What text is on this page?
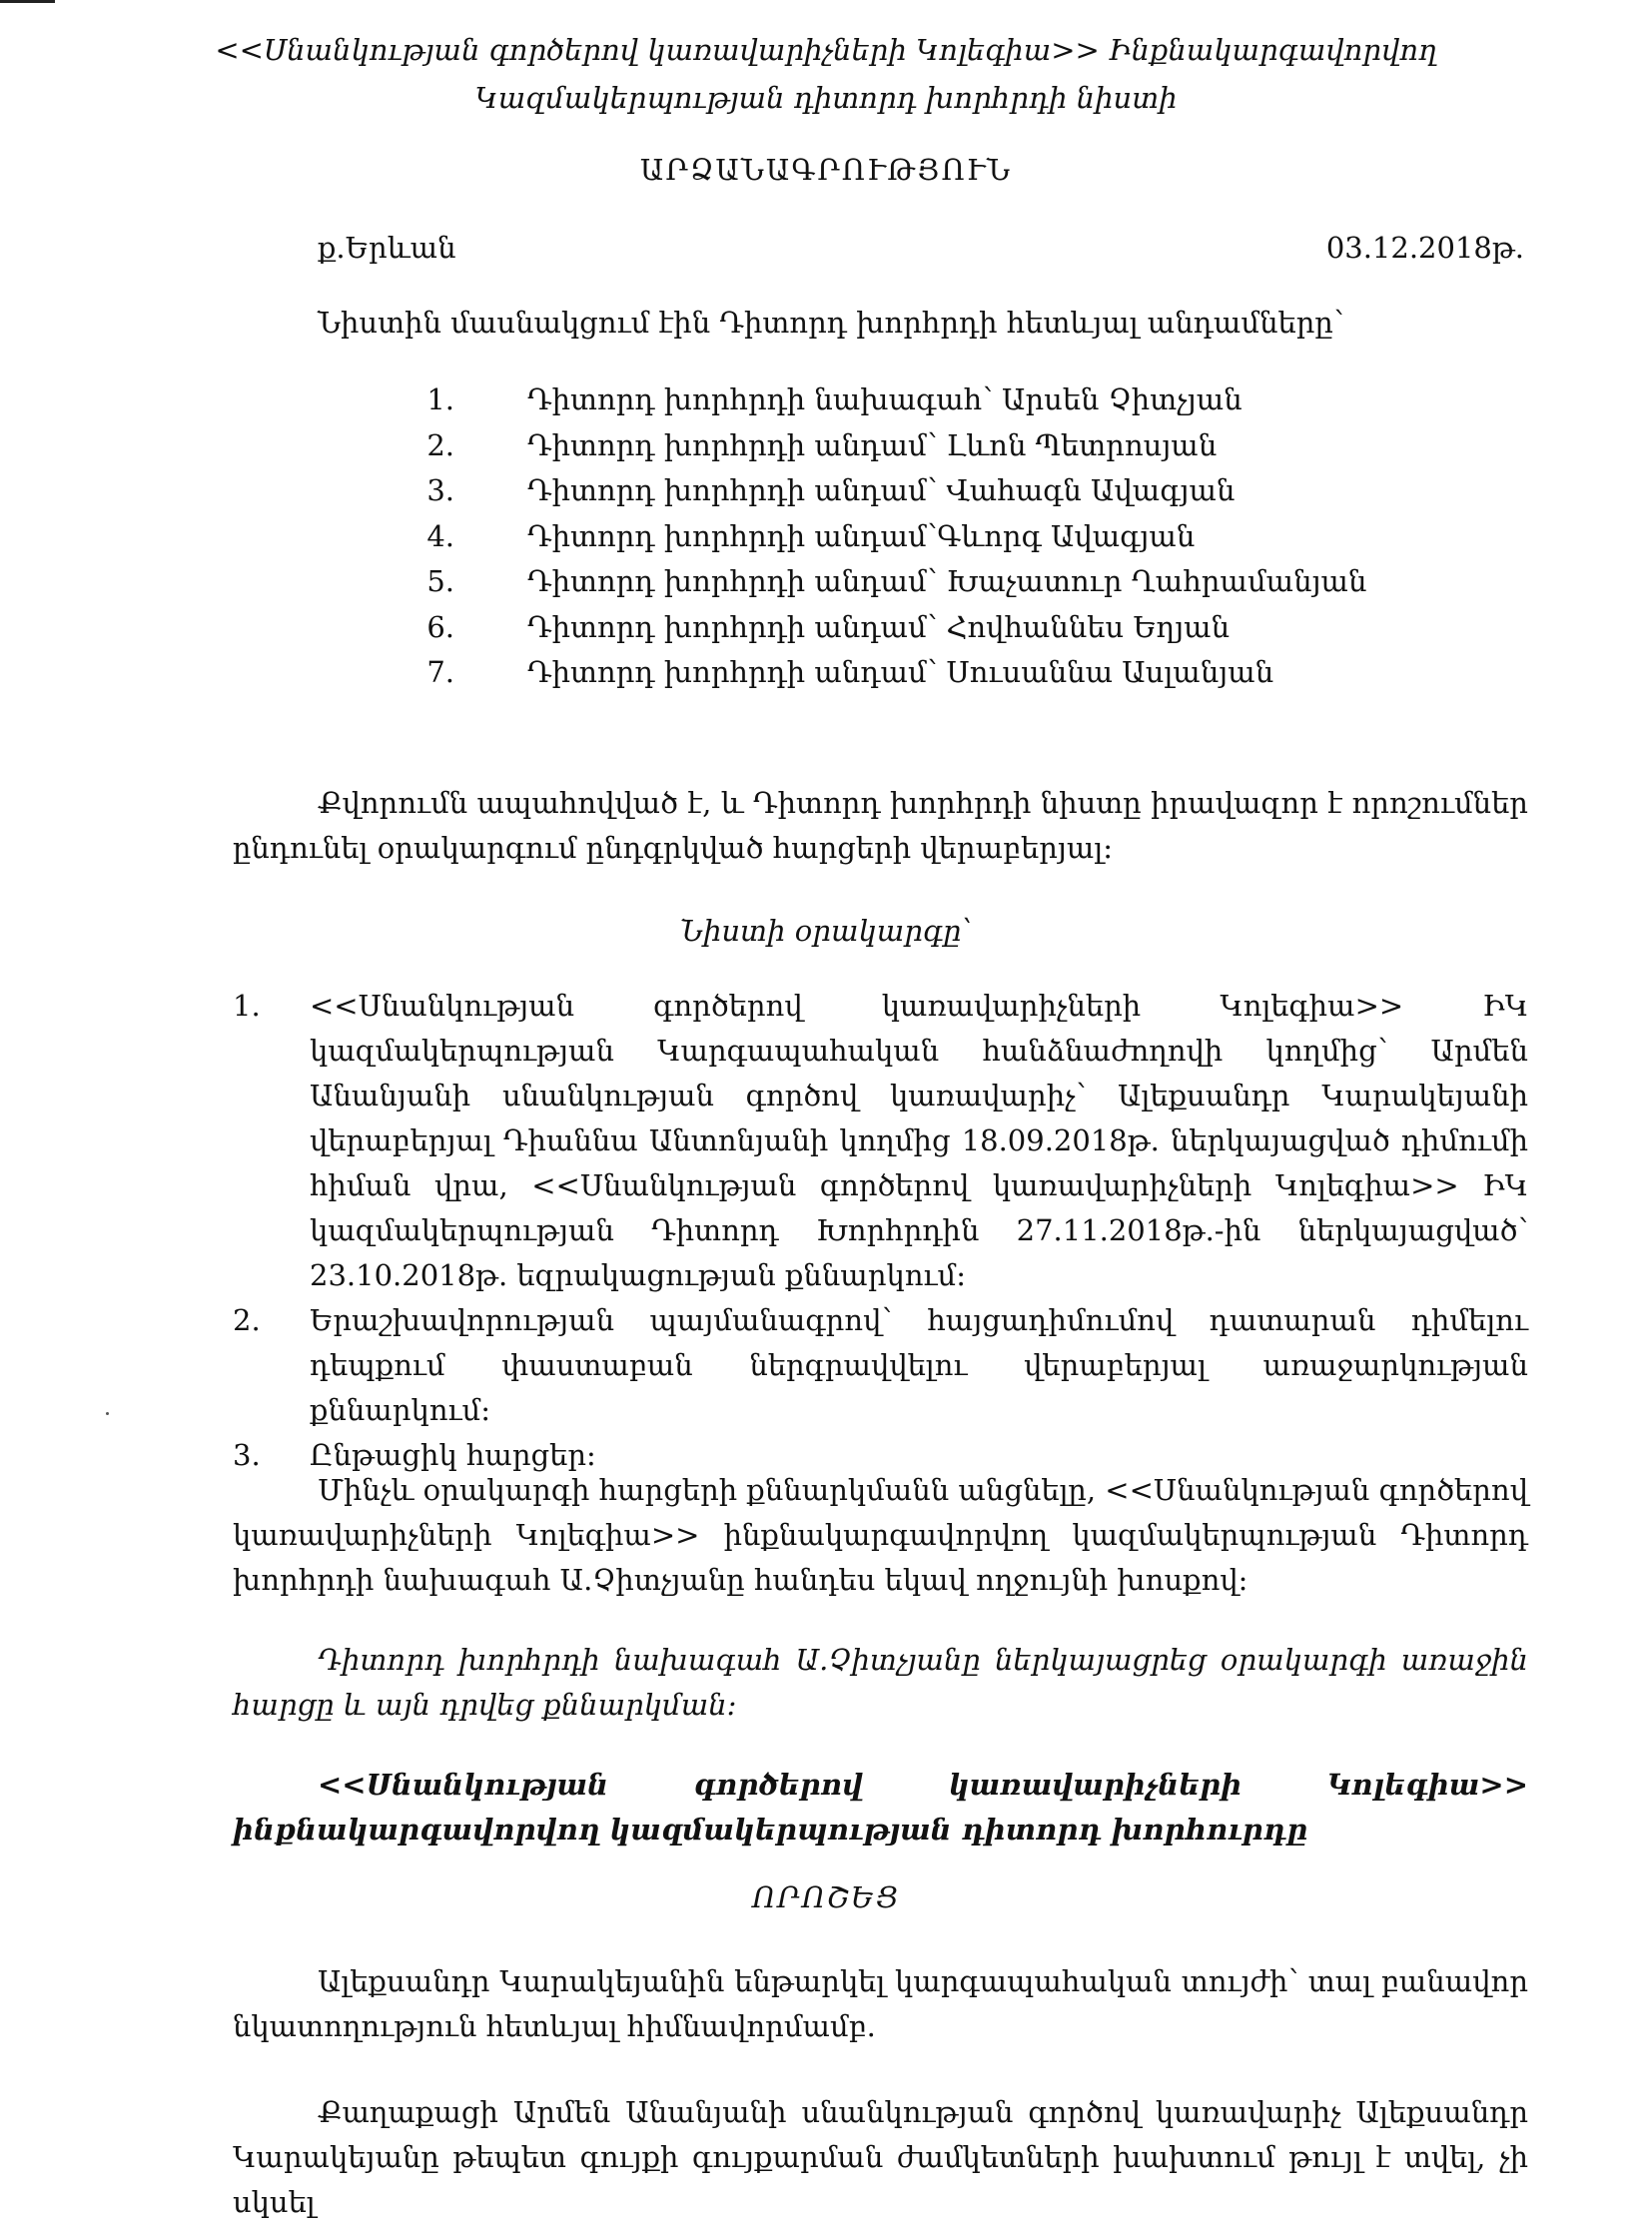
<<Սնանկության գործերով կառավարիչների Կոլեգիա>> Ինքնակարգավորվող
Կազմակերպության դիտորդ խորհրդի նիստի
ԱՐՁԱՆԱԳՐՈՒԹՅՈՒՆ
ք.Երևան	03.12.2018թ.
Նիստին մասնակցում էին Դիտորդ խորհրդի հետևյալ անդամները՝
1.	Դիտորդ խորհրդի նախագահ՝ Արսեն Չիտչյան
2.	Դիտորդ խորհրդի անդամ՝ Լևոն Պետրոսյան
3.	Դիտորդ խորհրդի անդամ՝ Վահագն Ավագյան
4.	Դիտորդ խորհրդի անդամ՝Գևորգ Ավագյան
5.	Դիտորդ խորհրդի անդամ՝ Խաչատուր Ղահրամանյան
6.	Դիտորդ խորհրդի անդամ՝ Հովհաննես Եղյան
7.	Դիտորդ խորհրդի անդամ՝ Սուսաննա Ասլանյան

Քվորումն ապահովված է, և Դիտորդ խորհրդի նիստը իրավազոր է որոշումներ ընդունել օրակարգում ընդգրկված հարցերի վերաբերյալ:

Նիստի օրակարգը՝
1. <<Սնանկության գործերով կառավարիչների Կոլեգիա>> ԻԿ կազմակերպության Կարգապահական հանձնաժողովի կողմից՝ Արմեն Անանյանի սնանկության գործով կառավարիչ՝ Ալեքսանդր Կարակեյանի վերաբերյալ Դիաննա Անտոնյանի կողմից 18.09.2018թ. ներկայացված դիմումի հիման վրա, <<Սնանկության գործերով կառավարիչների Կոլեգիա>> ԻԿ կազմակերպության Դիտորդ Խորհրդին 27.11.2018թ.-ին ներկայացված՝ 23.10.2018թ. եզրակացության քննարկում:
2. Երաշխավորության պայմանագրով՝ հայցադիմումով դատարան դիմելու դեպքում փաստաբան ներգրավվելու վերաբերյալ առաջարկության քննարկում:
3. Ընթացիկ հարցեր:

Մինչև օրակարգի հարցերի քննարկմանն անցնելը, <<Սնանկության գործերով կառավարիչների Կոլեգիա>> ինքնակարգավորվող կազմակերպության Դիտորդ խորհրդի նախագահ Ա.Չիտչյանը հանդես եկավ ողջույնի խոսքով:

Դիտորդ խորհրդի նախագահ Ա.Չիտչյանը ներկայացրեց օրակարգի առաջին հարցը և այն դրվեց քննարկման:

<<Սնանկության գործերով կառավարիչների Կոլեգիա>> ինքնակարգավորվող կազմակերպության դիտորդ խորհուրդը

ՈՐՈՇԵՑ

Ալեքսանդր Կարակեյանին ենթարկել կարգապահական տույժի՝ տալ բանավոր նկատողություն հետևյալ հիմնավորմամբ.

Քաղաքացի Արմեն Անանյանի սնանկության գործով կառավարիչ Ալեքսանդր Կարակեյանը թեպետ գույքի գույքարման ժամկետների խախտում թույլ է տվել, չի սկսել
